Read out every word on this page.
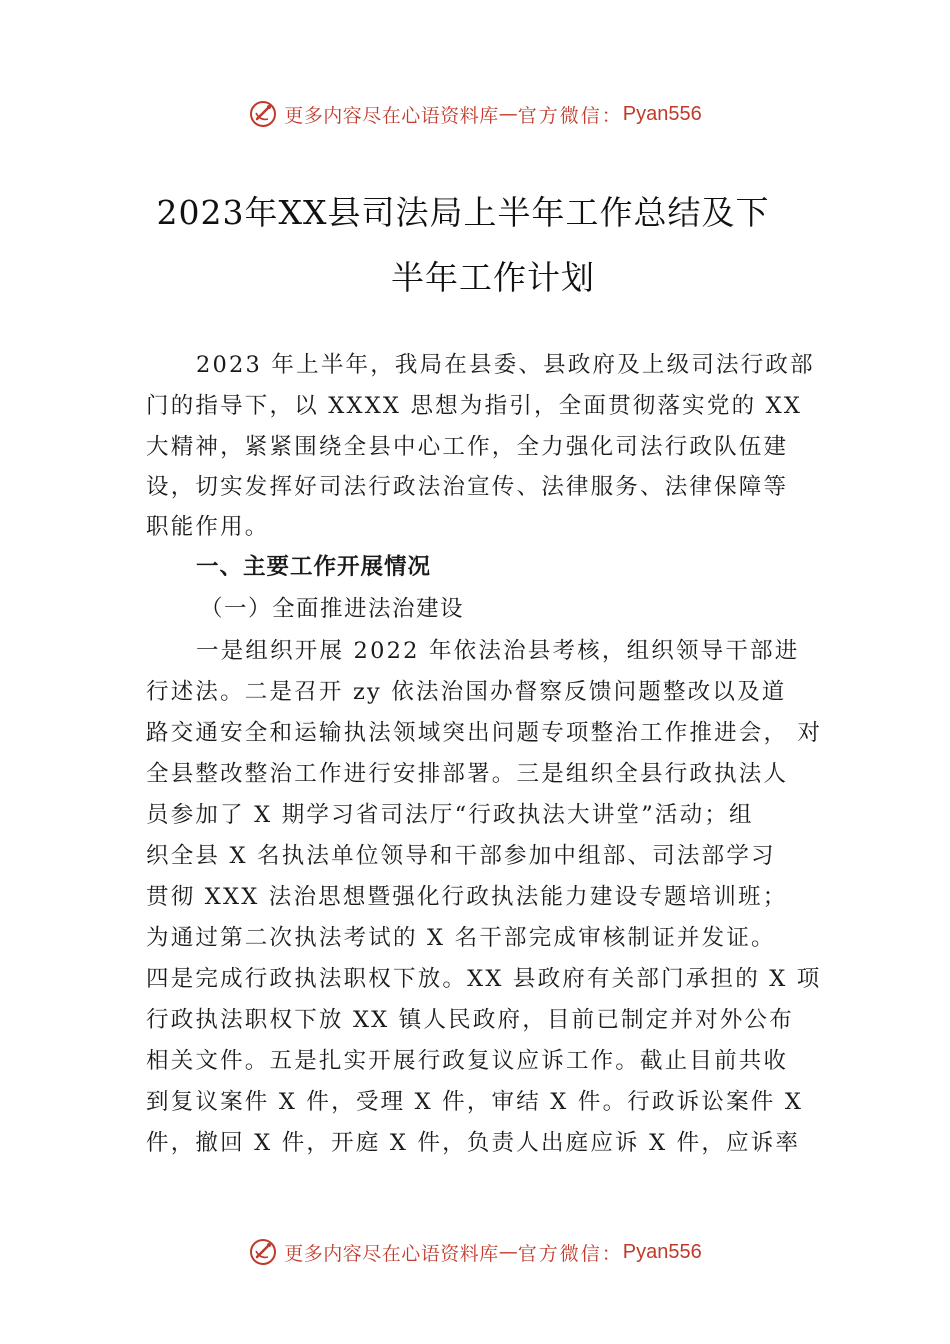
更多内容尽在心语资料库 — 官方微信： Pyan556
2023年XX县司法局上半年工作总结及下
半年工作计划

2023 年上半年，我局在县委、县政府及上级司法行政部

门的指导下，以 XXXX 思想为指引，全面贯彻落实党的 XX

大精神，紧紧围绕全县中心工作，全力强化司法行政队伍建

设，切实发挥好司法行政法治宣传、法律服务、法律保障等

职能作用。

一、主要工作开展情况

（一）全面推进法治建设

一是组织开展 2022 年依法治县考核，组织领导干部进

行述法。二是召开 zy 依法治国办督察反馈问题整改以及道

路交通安全和运输执法领域突出问题专项整治工作推进会， 对

全县整改整治工作进行安排部署。三是组织全县行政执法人

员参加了 X 期学习省司法厅“行政执法大讲堂”活动；组

织全县 X 名执法单位领导和干部参加中组部、司法部学习

贯彻 XXX 法治思想暨强化行政执法能力建设专题培训班；

为通过第二次执法考试的 X 名干部完成审核制证并发证。

四是完成行政执法职权下放。XX 县政府有关部门承担的 X 项

行政执法职权下放 XX 镇人民政府，目前已制定并对外公布

相关文件。五是扎实开展行政复议应诉工作。截止目前共收

到复议案件 X 件，受理 X 件，审结 X 件。行政诉讼案件 X

件，撤回 X 件，开庭 X 件，负责人出庭应诉 X 件，应诉率

更多内容尽在心语资料库 — 官方微信： Pyan556
